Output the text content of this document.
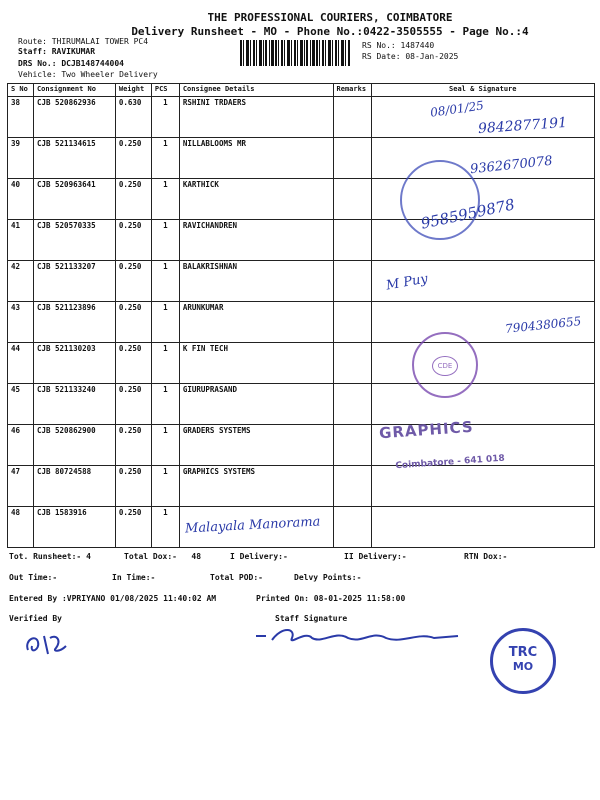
THE PROFESSIONAL COURIERS, COIMBATORE
Delivery Runsheet - MO - Phone No.:0422-3505555 - Page No.:4
Route: THIRUMALAI TOWER PC4
Staff: RAVIKUMAR
DRS No.: DCJB148744004
Vehicle: Two Wheeler Delivery
RS No.: 1487440
RS Date: 08-Jan-2025
S No	Consignment No	Weight	PCS	Consignee Details	Remarks	Seal & Signature
38	CJB 520862936	0.630	1	RSHINI TRDAERS		
39	CJB 521134615	0.250	1	NILLABLOOMS MR		
40	CJB 520963641	0.250	1	KARTHICK		
41	CJB 520570335	0.250	1	RAVICHANDREN		
42	CJB 521133207	0.250	1	BALAKRISHNAN		
43	CJB 521123896	0.250	1	ARUNKUMAR		
44	CJB 521130203	0.250	1	K FIN TECH		
45	CJB 521133240	0.250	1	GIURUPRASAND		
46	CJB 520862900	0.250	1	GRADERS SYSTEMS		
47	CJB 80724588	0.250	1	GRAPHICS SYSTEMS		
48	CJB 1583916	0.250	1			
08/01/25
9842877191
9362670078
9585959878
M Puy
7904380655
CDE
GRAPHICS
Coimbatore - 641 018
Malayala Manorama
Tot. Runsheet:- 4	Total Dox:-   48	I Delivery:-	II Delivery:-	RTN Dox:-
Out Time:-	In Time:-	Total POD:-	Delvy Points:-
Entered By :VPRIYANO 01/08/2025 11:40:02 AM	Printed On: 08-01-2025 11:58:00
Verified By	Staff Signature
TRC
MO
